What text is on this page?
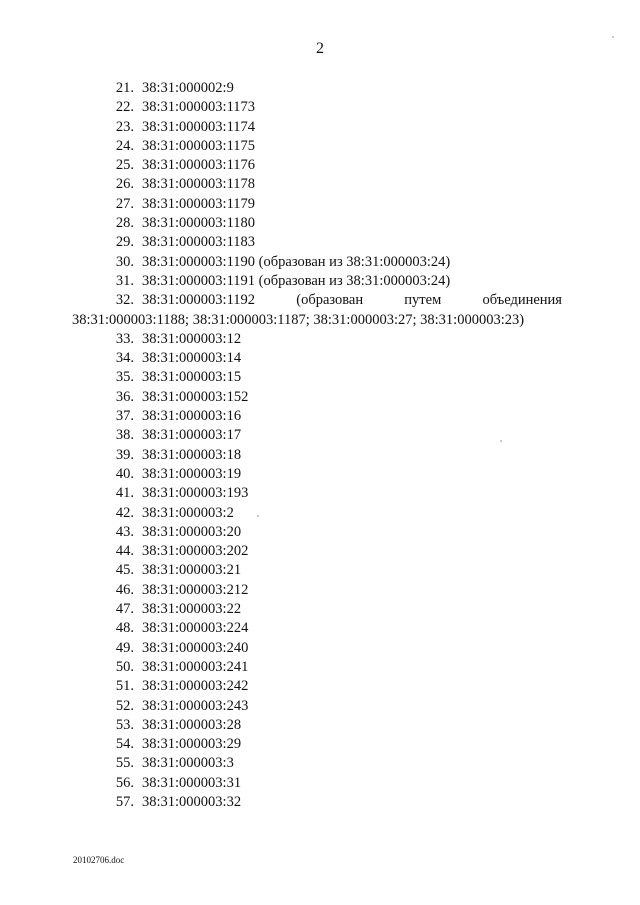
2
21. 38:31:000002:9
22. 38:31:000003:1173
23. 38:31:000003:1174
24. 38:31:000003:1175
25. 38:31:000003:1176
26. 38:31:000003:1178
27. 38:31:000003:1179
28. 38:31:000003:1180
29. 38:31:000003:1183
30. 38:31:000003:1190 (образован из 38:31:000003:24)
31. 38:31:000003:1191 (образован из 38:31:000003:24)
32. 38:31:000003:1192	(образован	путем	объединения
38:31:000003:1188; 38:31:000003:1187; 38:31:000003:27; 38:31:000003:23)
33. 38:31:000003:12
34. 38:31:000003:14
35. 38:31:000003:15
36. 38:31:000003:152
37. 38:31:000003:16
38. 38:31:000003:17
39. 38:31:000003:18
40. 38:31:000003:19
41. 38:31:000003:193
42. 38:31:000003:2
43. 38:31:000003:20
44. 38:31:000003:202
45. 38:31:000003:21
46. 38:31:000003:212
47. 38:31:000003:22
48. 38:31:000003:224
49. 38:31:000003:240
50. 38:31:000003:241
51. 38:31:000003:242
52. 38:31:000003:243
53. 38:31:000003:28
54. 38:31:000003:29
55. 38:31:000003:3
56. 38:31:000003:31
57. 38:31:000003:32
20102706.doc
